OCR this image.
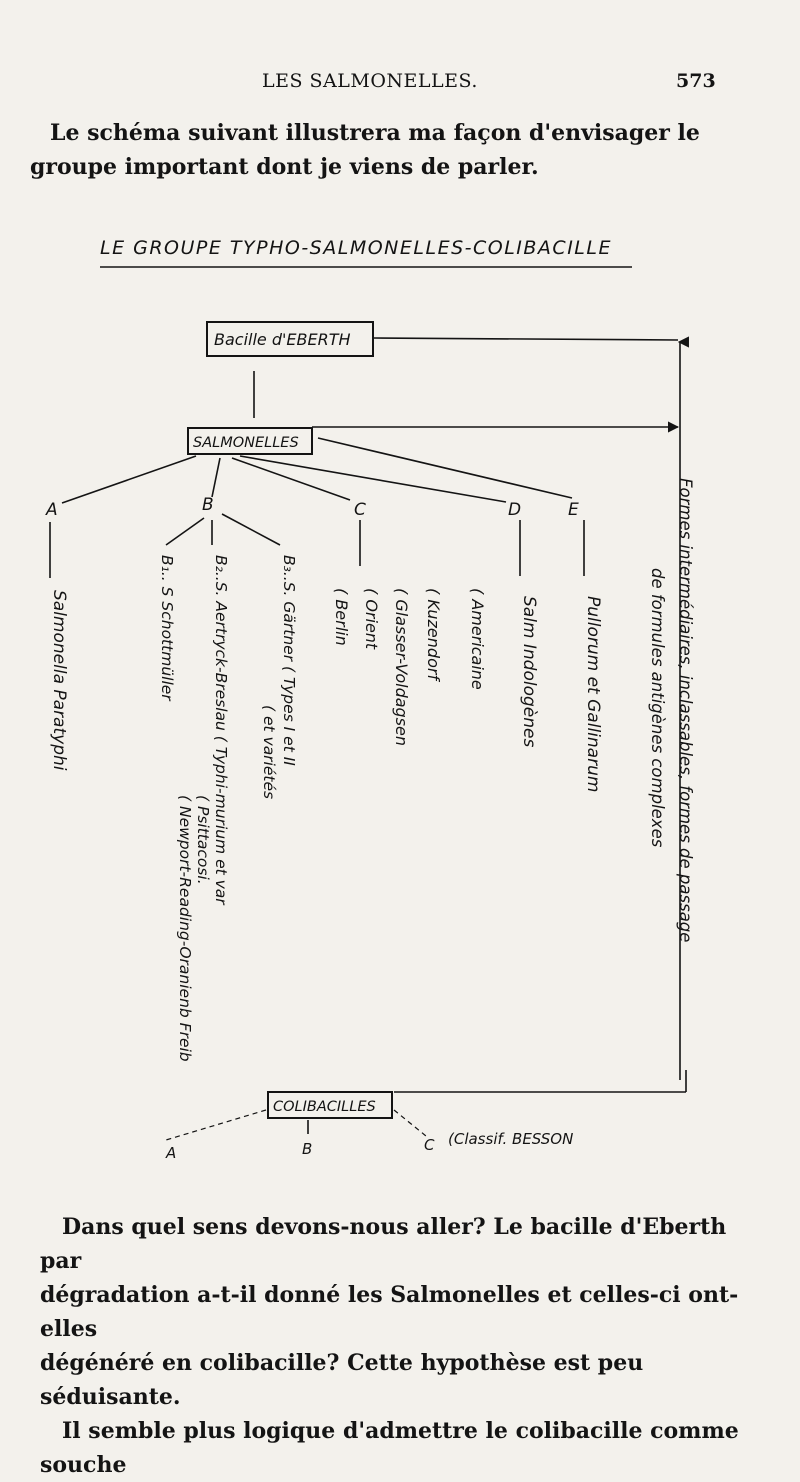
LES SALMONELLES.	573
Le schéma suivant illustrera ma façon d'envisager le groupe important dont je viens de parler.
LE GROUPE TYPHO-SALMONELLES-COLIBACILLE
Bacille d'EBERTH
SALMONELLES
A	B	C	D	E
Salmonella Paratyphi	B₁.. S Schottmüller B₂..S. Aertryck-Breslau ( Typhi-murium et var
( Psittacosi.
( Newport-Reading-Oranienb Freib
B₃..S. Gärtner ( Types I et II
( et variétés
( Berlin ( Orient ( Glasser-Voldagsen ( Kuzendorf ( Americaine Salm Indologènes	Pullorum et Gallinarum	Formes intermédiaires, inclassables, formes de passage
de formules antigènes complexes
COLIBACILLES
A	B	C (Classif. BESSON
Dans quel sens devons-nous aller? Le bacille d'Eberth par
dégradation a-t-il donné les Salmonelles et celles-ci ont-elles
dégénéré en colibacille? Cette hypothèse est peu séduisante.
Il semble plus logique d'admettre le colibacille comme souche
